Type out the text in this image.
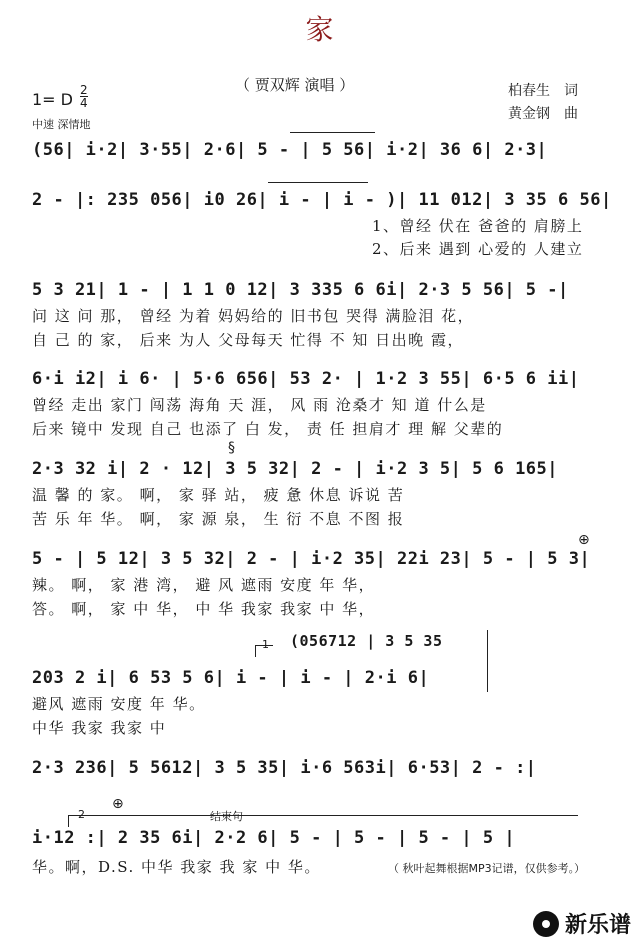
家
（ 贾双辉 演唱 ）	柏春生　词
黄金钢　曲
1= D $\frac{2}{4}$
中速 深情地
(56| i·2| 3·55| 2·6| 5 - | 5 56| i·2| 36 6| 2·3|
2 - |: 235 056| i0 26| i - | i - )| 11 012| 3 35 6 56|
1、曾经 伏在 爸爸的 肩膀上
2、后来 遇到 心爱的 人建立
5 3 21| 1 - | 1 1 0 12| 3 335 6 6i| 2·3 5 56| 5 -|
问 这 问 那， 曾经 为着 妈妈给的 旧书包 哭得 满脸泪 花，
自 己 的 家， 后来 为人 父母每天 忙得 不 知 日出晚 霞，
6·i i2| i 6· | 5·6 656| 53 2· | 1·2 3 55| 6·5 6 ii|
曾经 走出 家门 闯荡 海角 天 涯， 风 雨 沧桑才 知 道 什么是
后来 镜中 发现 自己 也添了 白 发， 责 任 担肩才 理 解 父辈的
2·3 32 i| 2 · 12| 3 5 32| 2 - | i·2 3 5| 5 6 165|
§
温 馨 的 家。 啊， 家 驿 站， 疲 惫 休息 诉说 苦
苦 乐 年 华。 啊， 家 源 泉， 生 衍 不息 不图 报
5 - | 5 12| 3 5 32| 2 - | i·2 35| 22i 23| 5 - | 5 3|
⊕
辣。 啊， 家 港 湾， 避 风 遮雨 安度 年 华，
答。 啊， 家 中 华， 中 华 我家 我家 中 华，
1 (056712 | 3 5 35
203 2 i| 6 53 5 6| i - | i - | 2·i 6|
避风 遮雨 安度 年 华。
中华 我家 我家 中
2·3 236| 5 5612| 3 5 35| i·6 563i| 6·53| 2 - :|
2
⊕
结束句
i·12 :| 2 35 6i| 2·2 6| 5 - | 5 - | 5 - | 5 |
华。啊，D.S. 中华 我家 我 家 中 华。	（ 秋叶起舞根据MP3记谱，仅供参考。）
新乐谱
